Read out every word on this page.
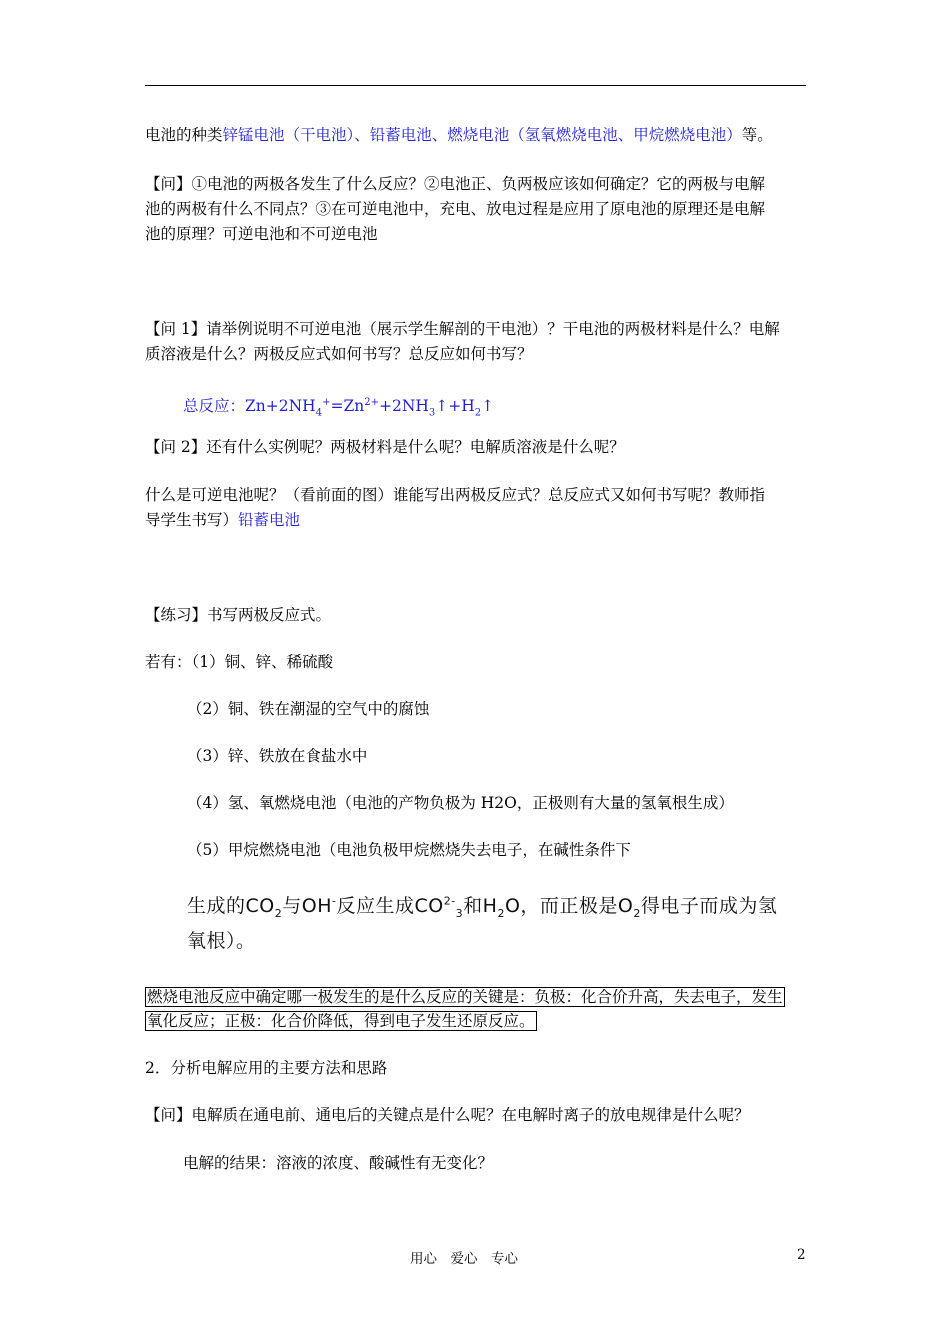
电池的种类锌锰电池（干电池）、铅蓄电池、燃烧电池（氢氧燃烧电池、甲烷燃烧电池）等。
【问】①电池的两极各发生了什么反应？②电池正、负两极应该如何确定？它的两极与电解
池的两极有什么不同点？③在可逆电池中，充电、放电过程是应用了原电池的原理还是电解
池的原理？可逆电池和不可逆电池
【问 1】请举例说明不可逆电池（展示学生解剖的干电池）？干电池的两极材料是什么？电解
质溶液是什么？两极反应式如何书写？总反应如何书写？
总反应：$Zn+2NH_4^+=Zn^{2+}+2NH_3↑+H_2↑$
【问 2】还有什么实例呢？两极材料是什么呢？电解质溶液是什么呢？
什么是可逆电池呢？（看前面的图）谁能写出两极反应式？总反应式又如何书写呢？教师指
导学生书写）铅蓄电池
【练习】书写两极反应式。
若有：（1）铜、锌、稀硫酸
（2）铜、铁在潮湿的空气中的腐蚀
（3）锌、铁放在食盐水中
（4）氢、氧燃烧电池（电池的产物负极为 H2O，正极则有大量的氢氧根生成）
（5）甲烷燃烧电池（电池负极甲烷燃烧失去电子，在碱性条件下
生成的$CO_2$与OH-反应生成$CO^{2-}_3$和$H_2O$，而正极是$O_2$得电子而成为氢
氧根）。
燃烧电池反应中确定哪一极发生的是什么反应的关键是：负极：化合价升高，失去电子，发生
氧化反应；正极：化合价降低，得到电子发生还原反应。
2．分析电解应用的主要方法和思路
【问】电解质在通电前、通电后的关键点是什么呢？在电解时离子的放电规律是什么呢？
电解的结果：溶液的浓度、酸碱性有无变化？
用心　爱心　专心	2
